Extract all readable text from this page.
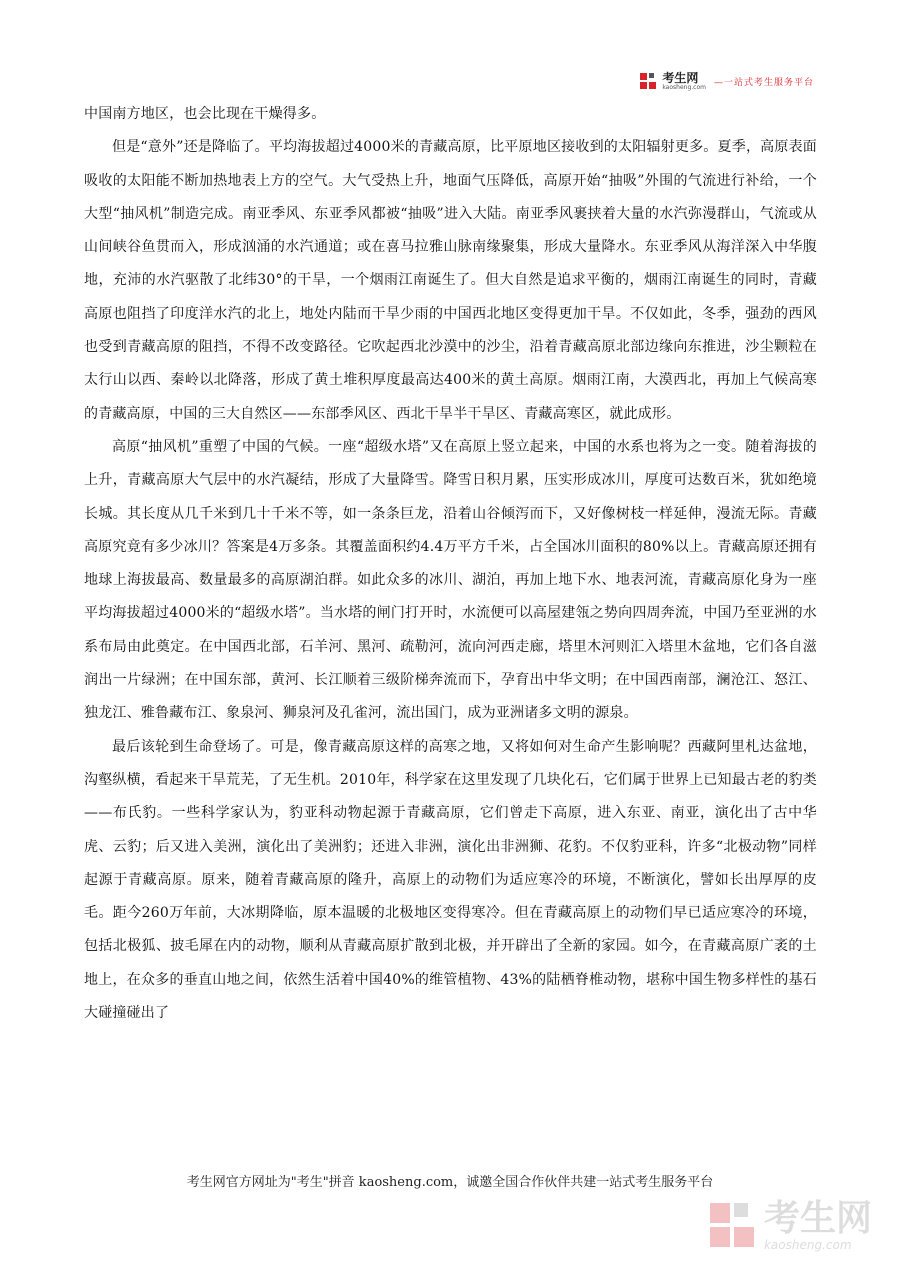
考生网
kaosheng.com —一站式考生服务平台

中国南方地区，也会比现在干燥得多。

但是“意外”还是降临了。平均海拔超过4000米的青藏高原，比平原地区接收到的太阳辐射更多。夏季，高原表面吸收的太阳能不断加热地表上方的空气。大气受热上升，地面气压降低，高原开始“抽吸”外围的气流进行补给，一个大型“抽风机”制造完成。南亚季风、东亚季风都被“抽吸”进入大陆。南亚季风裹挟着大量的水汽弥漫群山，气流或从山间峡谷鱼贯而入，形成汹涌的水汽通道；或在喜马拉雅山脉南缘聚集，形成大量降水。东亚季风从海洋深入中华腹地，充沛的水汽驱散了北纬30°的干旱，一个烟雨江南诞生了。但大自然是追求平衡的，烟雨江南诞生的同时，青藏高原也阻挡了印度洋水汽的北上，地处内陆而干旱少雨的中国西北地区变得更加干旱。不仅如此，冬季，强劲的西风也受到青藏高原的阻挡，不得不改变路径。它吹起西北沙漠中的沙尘，沿着青藏高原北部边缘向东推进，沙尘颗粒在太行山以西、秦岭以北降落，形成了黄土堆积厚度最高达400米的黄土高原。烟雨江南，大漠西北，再加上气候高寒的青藏高原，中国的三大自然区——东部季风区、西北干旱半干旱区、青藏高寒区，就此成形。

高原“抽风机”重塑了中国的气候。一座“超级水塔”又在高原上竖立起来，中国的水系也将为之一变。随着海拔的上升，青藏高原大气层中的水汽凝结，形成了大量降雪。降雪日积月累，压实形成冰川，厚度可达数百米，犹如绝境长城。其长度从几千米到几十千米不等，如一条条巨龙，沿着山谷倾泻而下，又好像树枝一样延伸，漫流无际。青藏高原究竟有多少冰川？答案是4万多条。其覆盖面积约4.4万平方千米，占全国冰川面积的80%以上。青藏高原还拥有地球上海拔最高、数量最多的高原湖泊群。如此众多的冰川、湖泊，再加上地下水、地表河流，青藏高原化身为一座平均海拔超过4000米的“超级水塔”。当水塔的闸门打开时，水流便可以高屋建瓴之势向四周奔流，中国乃至亚洲的水系布局由此奠定。在中国西北部，石羊河、黑河、疏勒河，流向河西走廊，塔里木河则汇入塔里木盆地，它们各自滋润出一片绿洲；在中国东部，黄河、长江顺着三级阶梯奔流而下，孕育出中华文明；在中国西南部，澜沧江、怒江、独龙江、雅鲁藏布江、象泉河、狮泉河及孔雀河，流出国门，成为亚洲诸多文明的源泉。

最后该轮到生命登场了。可是，像青藏高原这样的高寒之地，又将如何对生命产生影响呢？西藏阿里札达盆地，沟壑纵横，看起来干旱荒芜，了无生机。2010年，科学家在这里发现了几块化石，它们属于世界上已知最古老的豹类——布氏豹。一些科学家认为，豹亚科动物起源于青藏高原，它们曾走下高原，进入东亚、南亚，演化出了古中华虎、云豹；后又进入美洲，演化出了美洲豹；还进入非洲，演化出非洲狮、花豹。不仅豹亚科，许多“北极动物”同样起源于青藏高原。原来，随着青藏高原的隆升，高原上的动物们为适应寒冷的环境，不断演化，譬如长出厚厚的皮毛。距今260万年前，大冰期降临，原本温暖的北极地区变得寒冷。但在青藏高原上的动物们早已适应寒冷的环境，包括北极狐、披毛犀在内的动物，顺利从青藏高原扩散到北极，并开辟出了全新的家园。如今，在青藏高原广袤的土地上，在众多的垂直山地之间，依然生活着中国40%的维管植物、43%的陆栖脊椎动物，堪称中国生物多样性的基石大碰撞碰出了

考生网官方网址为"考生"拼音 kaosheng.com，诚邀全国合作伙伴共建一站式考生服务平台
考生网
kaosheng.com
